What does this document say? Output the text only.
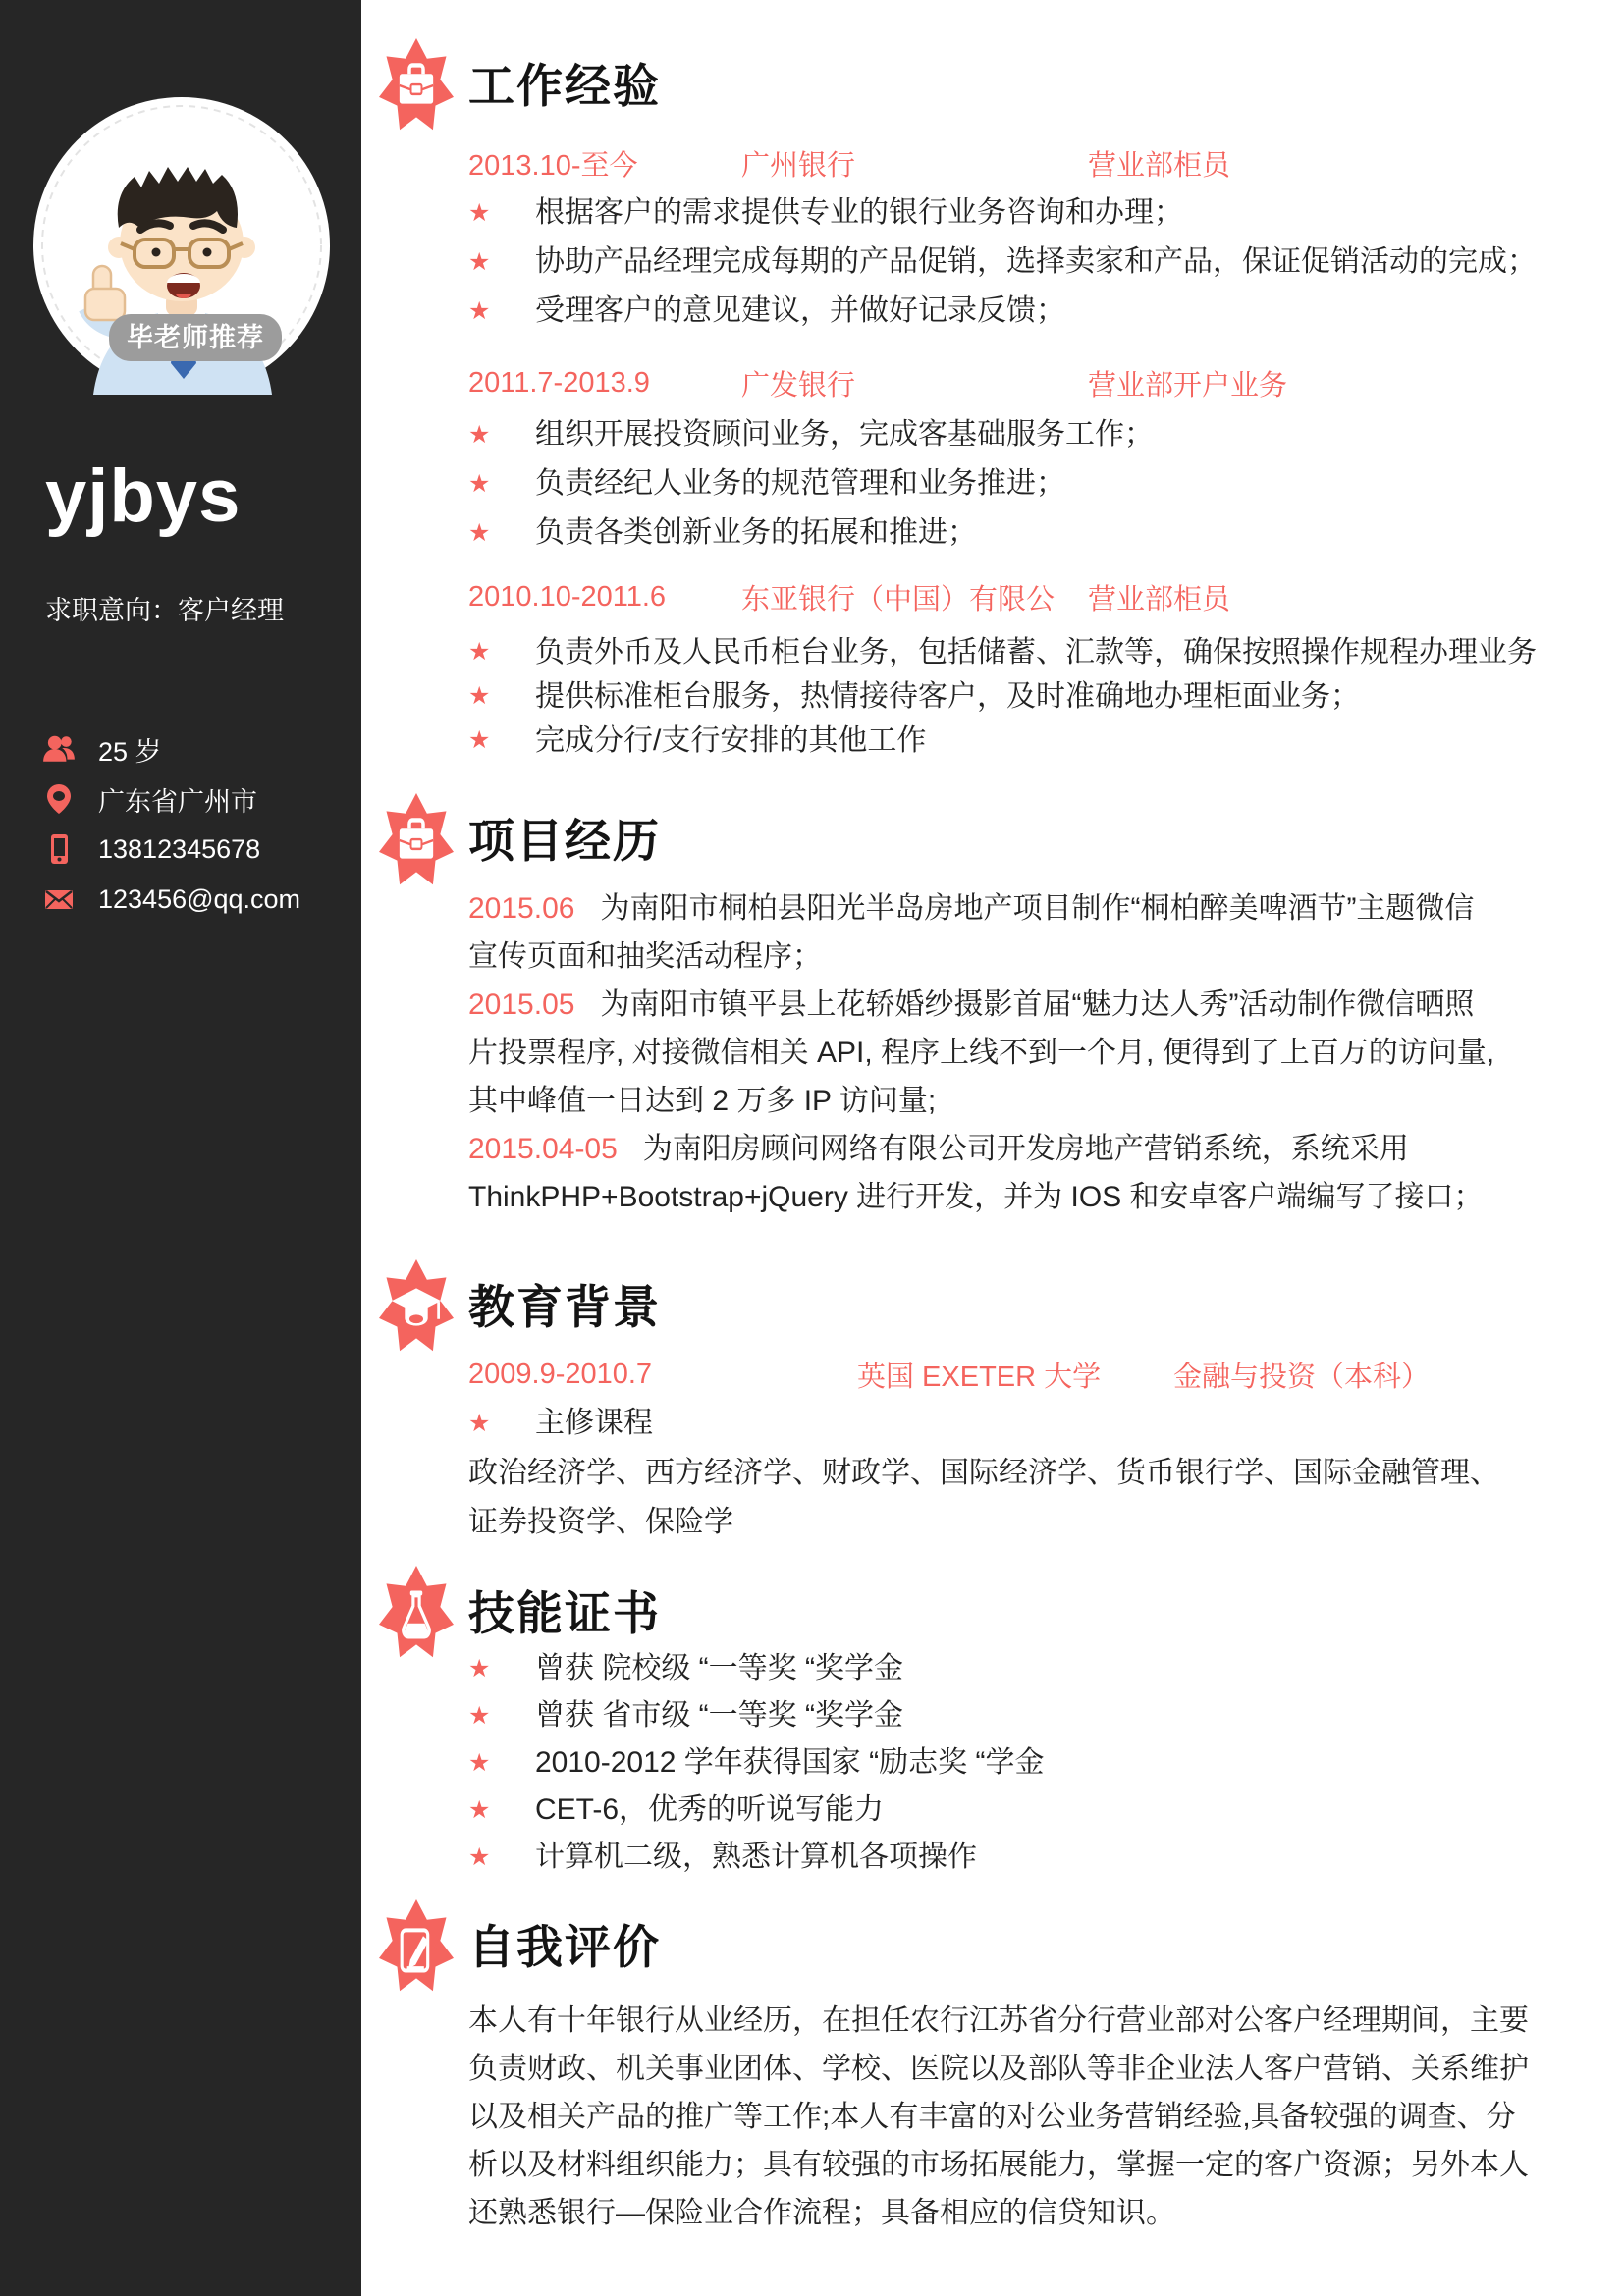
毕老师推荐
yjbys
求职意向：客户经理
25 岁
广东省广州市
13812345678
123456@qq.com
工作经验
2013.10-至今	广州银行	营业部柜员
★	根据客户的需求提供专业的银行业务咨询和办理；
★	协助产品经理完成每期的产品促销，选择卖家和产品，保证促销活动的完成；
★	受理客户的意见建议，并做好记录反馈；
2011.7-2013.9	广发银行	营业部开户业务
★	组织开展投资顾问业务，完成客基础服务工作；
★	负责经纪人业务的规范管理和业务推进；
★	负责各类创新业务的拓展和推进；
2010.10-2011.6	东亚银行（中国）有限公	营业部柜员
★	负责外币及人民币柜台业务，包括储蓄、汇款等，确保按照操作规程办理业务
★	提供标准柜台服务，热情接待客户，及时准确地办理柜面业务；
★	完成分行/支行安排的其他工作
项目经历

2015.06 为南阳市桐柏县阳光半岛房地产项目制作“桐柏醉美啤酒节”主题微信

宣传页面和抽奖活动程序；

2015.05 为南阳市镇平县上花轿婚纱摄影首届“魅力达人秀”活动制作微信晒照

片投票程序, 对接微信相关 API, 程序上线不到一个月, 便得到了上百万的访问量,

其中峰值一日达到 2 万多 IP 访问量;

2015.04-05 为南阳房顾问网络有限公司开发房地产营销系统，系统采用

ThinkPHP+Bootstrap+jQuery 进行开发，并为 IOS 和安卓客户端编写了接口；

教育背景
2009.9-2010.7	英国 EXETER 大学	金融与投资（本科）
★	主修课程

政治经济学、西方经济学、财政学、国际经济学、货币银行学、国际金融管理、

证券投资学、保险学

技能证书
★	曾获 院校级 “一等奖 “奖学金
★	曾获 省市级 “一等奖 “奖学金
★	2010-2012 学年获得国家 “励志奖 “学金
★	CET-6，优秀的听说写能力
★	计算机二级，熟悉计算机各项操作
自我评价

本人有十年银行从业经历，在担任农行江苏省分行营业部对公客户经理期间，主要

负责财政、机关事业团体、学校、医院以及部队等非企业法人客户营销、关系维护

以及相关产品的推广等工作;本人有丰富的对公业务营销经验,具备较强的调查、分

析以及材料组织能力；具有较强的市场拓展能力，掌握一定的客户资源；另外本人

还熟悉银行—保险业合作流程；具备相应的信贷知识。
